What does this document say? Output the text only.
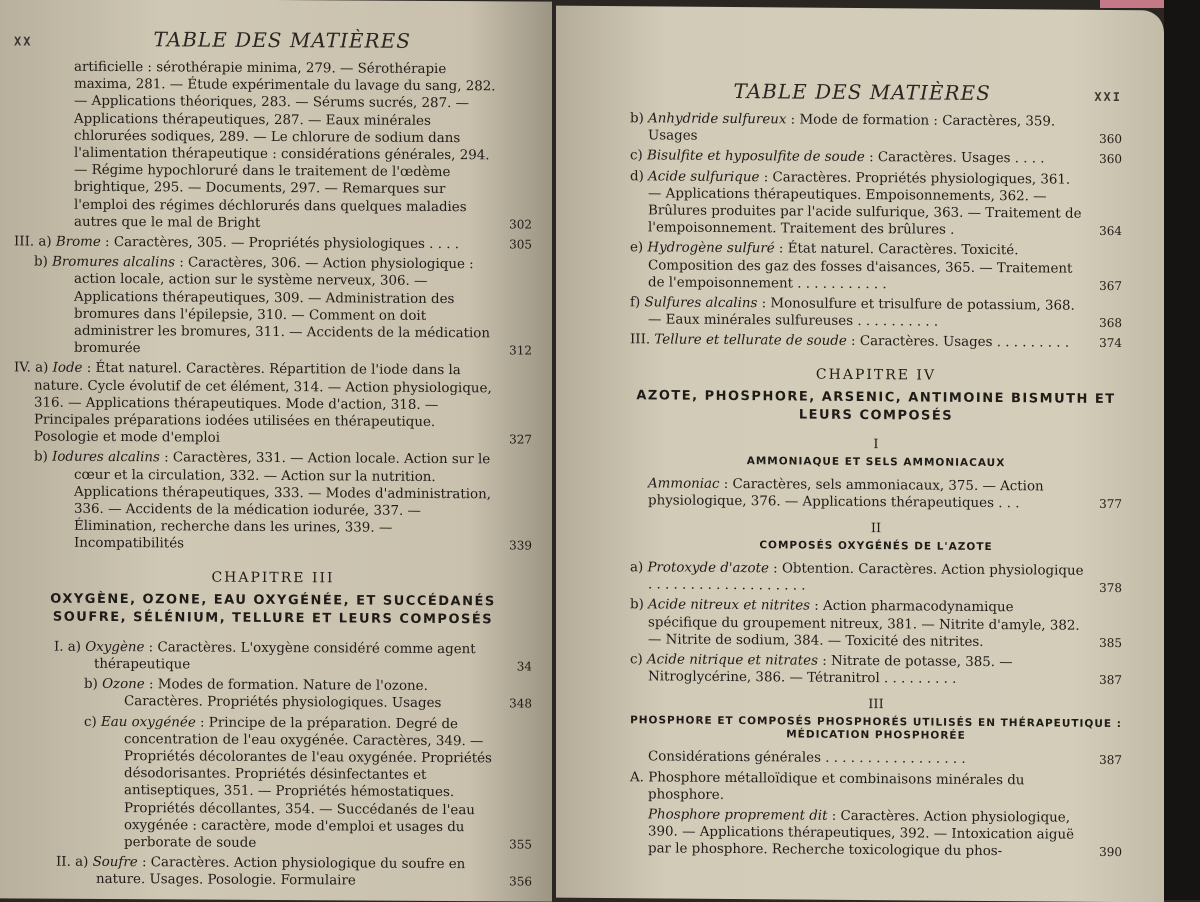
XX	TABLE DES MATIÈRES
artificielle : sérothérapie minima, 279. — Sérothérapie maxima, 281. — Étude expérimentale du lavage du sang, 282. — Applications théoriques, 283. — Sérums sucrés, 287. — Applications thérapeutiques, 287. — Eaux minérales chlorurées sodiques, 289. — Le chlorure de sodium dans l'alimentation thérapeutique : considérations générales, 294. — Régime hypochloruré dans le traitement de l'œdème brightique, 295. — Documents, 297. — Remarques sur l'emploi des régimes déchlorurés dans quelques maladies autres que le mal de Bright	302
III. a) Brome : Caractères, 305. — Propriétés physiologiques . . . .	305
b) Bromures alcalins : Caractères, 306. — Action physiologique : action locale, action sur le système nerveux, 306. — Applications thérapeutiques, 309. — Administration des bromures dans l'épilepsie, 310. — Comment on doit administrer les bromures, 311. — Accidents de la médication bromurée	312
IV. a) Iode : État naturel. Caractères. Répartition de l'iode dans la nature. Cycle évolutif de cet élément, 314. — Action physiologique, 316. — Applications thérapeutiques. Mode d'action, 318. — Principales préparations iodées utilisées en thérapeutique. Posologie et mode d'emploi	327
b) Iodures alcalins : Caractères, 331. — Action locale. Action sur le cœur et la circulation, 332. — Action sur la nutrition. Applications thérapeutiques, 333. — Modes d'administration, 336. — Accidents de la médication iodurée, 337. — Élimination, recherche dans les urines, 339. — Incompatibilités	339
CHAPITRE III
OXYGÈNE, OZONE, EAU OXYGÉNÉE, ET SUCCÉDANÉS SOUFRE, SÉLÉNIUM, TELLURE ET LEURS COMPOSÉS
I. a) Oxygène : Caractères. L'oxygène considéré comme agent thérapeutique	34
b) Ozone : Modes de formation. Nature de l'ozone. Caractères. Propriétés physiologiques. Usages	348
c) Eau oxygénée : Principe de la préparation. Degré de concentration de l'eau oxygénée. Caractères, 349. — Propriétés décolorantes de l'eau oxygénée. Propriétés désodorisantes. Propriétés désinfectantes et antiseptiques, 351. — Propriétés hémostatiques. Propriétés décollantes, 354. — Succédanés de l'eau oxygénée : caractère, mode d'emploi et usages du perborate de soude	355
II. a) Soufre : Caractères. Action physiologique du soufre en nature. Usages. Posologie. Formulaire	356
TABLE DES MATIÈRES	XXI
b) Anhydride sulfureux : Mode de formation : Caractères, 359. Usages	360
c) Bisulfite et hyposulfite de soude : Caractères. Usages . . . .	360
d) Acide sulfurique : Caractères. Propriétés physiologiques, 361. — Applications thérapeutiques. Empoisonnements, 362. — Brûlures produites par l'acide sulfurique, 363. — Traitement de l'empoisonnement. Traitement des brûlures .	364
e) Hydrogène sulfuré : État naturel. Caractères. Toxicité. Composition des gaz des fosses d'aisances, 365. — Traitement de l'empoisonnement . . . . . . . . . . .	367
f) Sulfures alcalins : Monosulfure et trisulfure de potassium, 368. — Eaux minérales sulfureuses . . . . . . . . . .	368
III. Tellure et tellurate de soude : Caractères. Usages . . . . . . . . .	374
CHAPITRE IV
AZOTE, PHOSPHORE, ARSENIC, ANTIMOINE BISMUTH ET LEURS COMPOSÉS
I
AMMONIAQUE ET SELS AMMONIACAUX
Ammoniac : Caractères, sels ammoniacaux, 375. — Action physiologique, 376. — Applications thérapeutiques . . .	377
II
COMPOSÉS OXYGÉNÉS DE L'AZOTE
a) Protoxyde d'azote : Obtention. Caractères. Action physiologique . . . . . . . . . . . . . . . . . . .	378
b) Acide nitreux et nitrites : Action pharmacodynamique spécifique du groupement nitreux, 381. — Nitrite d'amyle, 382. — Nitrite de sodium, 384. — Toxicité des nitrites.	385
c) Acide nitrique et nitrates : Nitrate de potasse, 385. — Nitroglycérine, 386. — Tétranitrol . . . . . . . . .	387
III
PHOSPHORE ET COMPOSÉS PHOSPHORÉS UTILISÉS EN THÉRAPEUTIQUE : MÉDICATION PHOSPHORÉE
Considérations générales . . . . . . . . . . . . . . . . .	387
A. Phosphore métalloïdique et combinaisons minérales du phosphore.
Phosphore proprement dit : Caractères. Action physiologique, 390. — Applications thérapeutiques, 392. — Intoxication aiguë par le phosphore. Recherche toxicologique du phos-	390
